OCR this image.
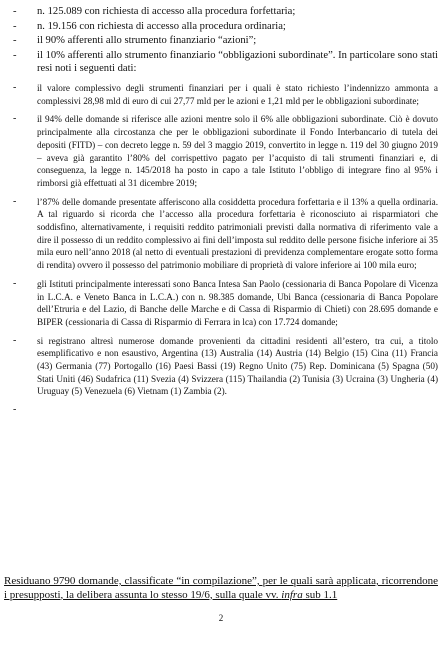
-	n. 125.089 con richiesta di accesso alla procedura forfettaria;
-	n. 19.156 con richiesta di accesso alla procedura ordinaria;
-	il 90% afferenti allo strumento finanziario “azioni”;
-	il 10% afferenti allo strumento finanziario “obbligazioni subordinate”. In particolare sono stati resi noti i seguenti dati:
-	il valore complessivo degli strumenti finanziari per i quali è stato richiesto l’indennizzo ammonta a complessivi 28,98 mld di euro di cui 27,77 mld per le azioni e 1,21 mld per le obbligazioni subordinate;
-	il 94% delle domande si riferisce alle azioni mentre solo il 6% alle obbligazioni subordinate. Ciò è dovuto principalmente alla circostanza che per le obbligazioni subordinate il Fondo Interbancario di tutela dei depositi (FITD) – con decreto legge n. 59 del 3 maggio 2019, convertito in legge n. 119 del 30 giugno 2019 – aveva già garantito l’80% del corrispettivo pagato per l’acquisto di tali strumenti finanziari e, di conseguenza, la legge n. 145/2018 ha posto in capo a tale Istituto l’obbligo di integrare fino al 95% i rimborsi già effettuati al 31 dicembre 2019;
-	l’87% delle domande presentate afferiscono alla cosiddetta procedura forfettaria e il 13% a quella ordinaria. A tal riguardo si ricorda che l’accesso alla procedura forfettaria è riconosciuto ai risparmiatori che soddisfino, alternativamente, i requisiti reddito patrimoniali previsti dalla normativa di riferimento vale a dire il possesso di un reddito complessivo ai fini dell’imposta sul reddito delle persone fisiche inferiore ai 35 mila euro nell’anno 2018 (al netto di eventuali prestazioni di previdenza complementare erogate sotto forma di rendita) ovvero il possesso del patrimonio mobiliare di proprietà di valore inferiore ai 100 mila euro;
-	gli Istituti principalmente interessati sono Banca Intesa San Paolo (cessionaria di Banca Popolare di Vicenza in L.C.A. e Veneto Banca in L.C.A.) con n. 98.385 domande, Ubi Banca (cessionaria di Banca Popolare dell’Etruria e del Lazio, di Banche delle Marche e di Cassa di Risparmio di Chieti) con 28.695 domande e BIPER (cessionaria di Cassa di Risparmio di Ferrara in lca) con 17.724 domande;
-	si registrano altresì numerose domande provenienti da cittadini residenti all’estero, tra cui, a titolo esemplificativo e non esaustivo, Argentina (13) Australia (14) Austria (14) Belgio (15) Cina (11) Francia (43) Germania (77) Portogallo (16) Paesi Bassi (19) Regno Unito (75) Rep. Dominicana (5) Spagna (50) Stati Uniti (46) Sudafrica (11) Svezia (4) Svizzera (115) Thailandia (2) Tunisia (3) Ucraina (3) Ungheria (4) Uruguay (5) Venezuela (6) Vietnam (1) Zambia (2).
-
Residuano 9790 domande, classificate “in compilazione”, per le quali sarà applicata, ricorrendone i presupposti, la delibera assunta lo stesso 19/6, sulla quale vv. infra sub 1.1
2
